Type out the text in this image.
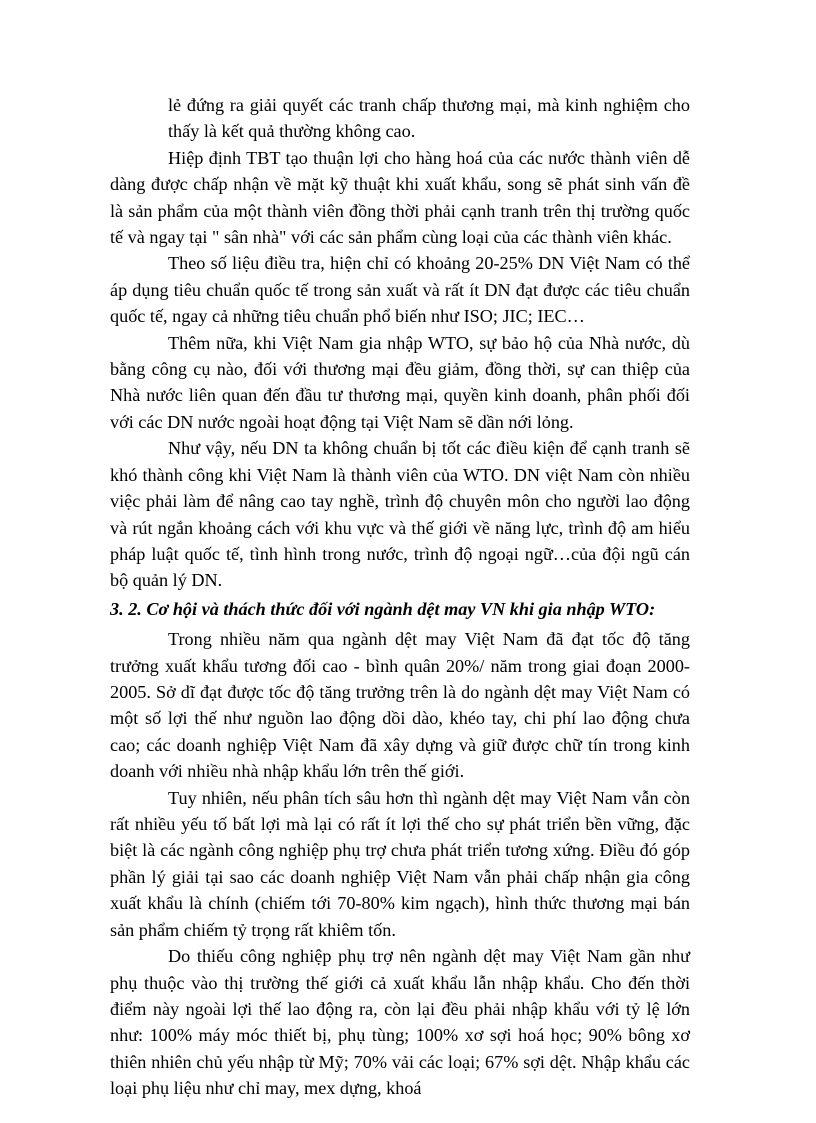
lẻ đứng ra giải quyết các tranh chấp thương mại, mà kinh nghiệm cho thấy là kết quả thường không cao.

Hiệp định TBT tạo thuận lợi cho hàng hoá của các nước thành viên dễ dàng được chấp nhận về mặt kỹ thuật khi xuất khẩu, song sẽ phát sinh vấn đề là sản phẩm của một thành viên đồng thời phải cạnh tranh trên thị trường quốc tế và ngay tại " sân nhà" với các sản phẩm cùng loại của các thành viên khác.

Theo số liệu điều tra, hiện chỉ có khoảng 20-25% DN Việt Nam có thể áp dụng tiêu chuẩn quốc tế trong sản xuất và rất ít DN đạt được các tiêu chuẩn quốc tế, ngay cả những tiêu chuẩn phổ biến như ISO; JIC; IEC…

Thêm nữa, khi Việt Nam gia nhập WTO, sự bảo hộ của Nhà nước, dù bằng công cụ nào, đối với thương mại đều giảm, đồng thời, sự can thiệp của Nhà nước liên quan đến đầu tư thương mại, quyền kinh doanh, phân phối đối với các DN nước ngoài hoạt động tại Việt Nam sẽ dần nới lỏng.

Như vậy, nếu DN ta không chuẩn bị tốt các điều kiện để cạnh tranh sẽ khó thành công khi Việt Nam là thành viên của WTO. DN việt Nam còn nhiều việc phải làm để nâng cao tay nghề, trình độ chuyên môn cho người lao động và rút ngắn khoảng cách với khu vực và thế giới về năng lực, trình độ am hiểu pháp luật quốc tế, tình hình trong nước, trình độ ngoại ngữ…của đội ngũ cán bộ quản lý DN.

3. 2. Cơ hội và thách thức đối với ngành dệt may VN khi gia nhập WTO:

Trong nhiều năm qua ngành dệt may Việt Nam đã đạt tốc độ tăng trưởng xuất khẩu tương đối cao - bình quân 20%/ năm trong giai đoạn 2000-2005. Sở dĩ đạt được tốc độ tăng trưởng trên là do ngành dệt may Việt Nam có một số lợi thế như nguồn lao động dồi dào, khéo tay, chi phí lao động chưa cao; các doanh nghiệp Việt Nam đã xây dựng và giữ được chữ tín trong kinh doanh với nhiều nhà nhập khẩu lớn trên thế giới.

Tuy nhiên, nếu phân tích sâu hơn thì ngành dệt may Việt Nam vẫn còn rất nhiều yếu tố bất lợi mà lại có rất ít lợi thế cho sự phát triển bền vững, đặc biệt là các ngành công nghiệp phụ trợ chưa phát triển tương xứng. Điều đó góp phần lý giải tại sao các doanh nghiệp Việt Nam vẫn phải chấp nhận gia công xuất khẩu là chính (chiếm tới 70-80% kim ngạch), hình thức thương mại bán sản phẩm chiếm tỷ trọng rất khiêm tốn.

Do thiếu công nghiệp phụ trợ nên ngành dệt may Việt Nam gần như phụ thuộc vào thị trường thế giới cả xuất khẩu lẫn nhập khẩu. Cho đến thời điểm này ngoài lợi thế lao động ra, còn lại đều phải nhập khẩu với tỷ lệ lớn như: 100% máy móc thiết bị, phụ tùng; 100% xơ sợi hoá học; 90% bông xơ thiên nhiên chủ yếu nhập từ Mỹ; 70% vải các loại; 67% sợi dệt. Nhập khẩu các loại phụ liệu như chỉ may, mex dựng, khoá
